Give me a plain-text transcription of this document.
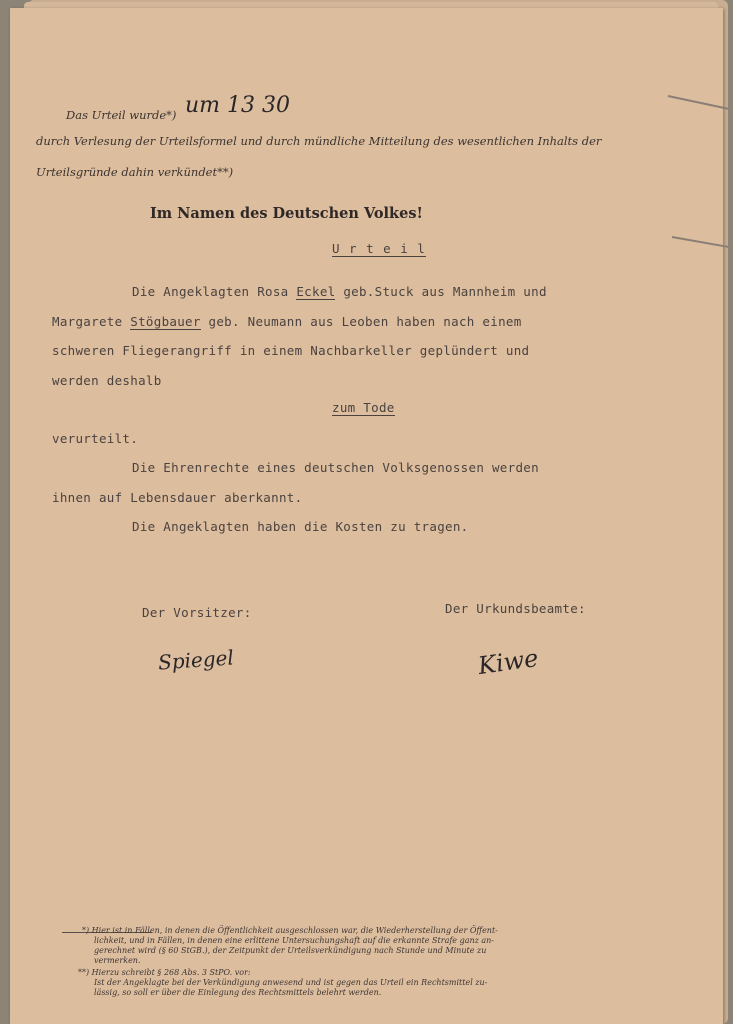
Das Urteil wurde*) um 13 30
durch Verlesung der Urteilsformel und durch mündliche Mitteilung des wesentlichen Inhalts der
Urteilsgründe dahin verkündet**)
Im Namen des Deutschen Volkes!
U r t e i l
Die Angeklagten Rosa Eckel geb.Stuck aus Mannheim und
Margarete Stögbauer geb. Neumann aus Leoben haben nach einem
schweren Fliegerangriff in einem Nachbarkeller geplündert und
werden deshalb
zum Tode
verurteilt.
Die Ehrenrechte eines deutschen Volksgenossen werden
ihnen auf Lebensdauer aberkannt.
Die Angeklagten haben die Kosten zu tragen.
Der Vorsitzer:
Spiegel
Der Urkundsbeamte:
Kiwe
*) Hier ist in Fällen, in denen die Öffentlichkeit ausgeschlossen war, die Wiederherstellung der Öffent-
lichkeit, und in Fällen, in denen eine erlittene Untersuchungshaft auf die erkannte Strafe ganz an-
gerechnet wird (§ 60 StGB.), der Zeitpunkt der Urteilsverkündigung nach Stunde und Minute zu
vermerken.
**) Hierzu schreibt § 268 Abs. 3 StPO. vor:
Ist der Angeklagte bei der Verkündigung anwesend und ist gegen das Urteil ein Rechtsmittel zu-
lässig, so soll er über die Einlegung des Rechtsmittels belehrt werden.
